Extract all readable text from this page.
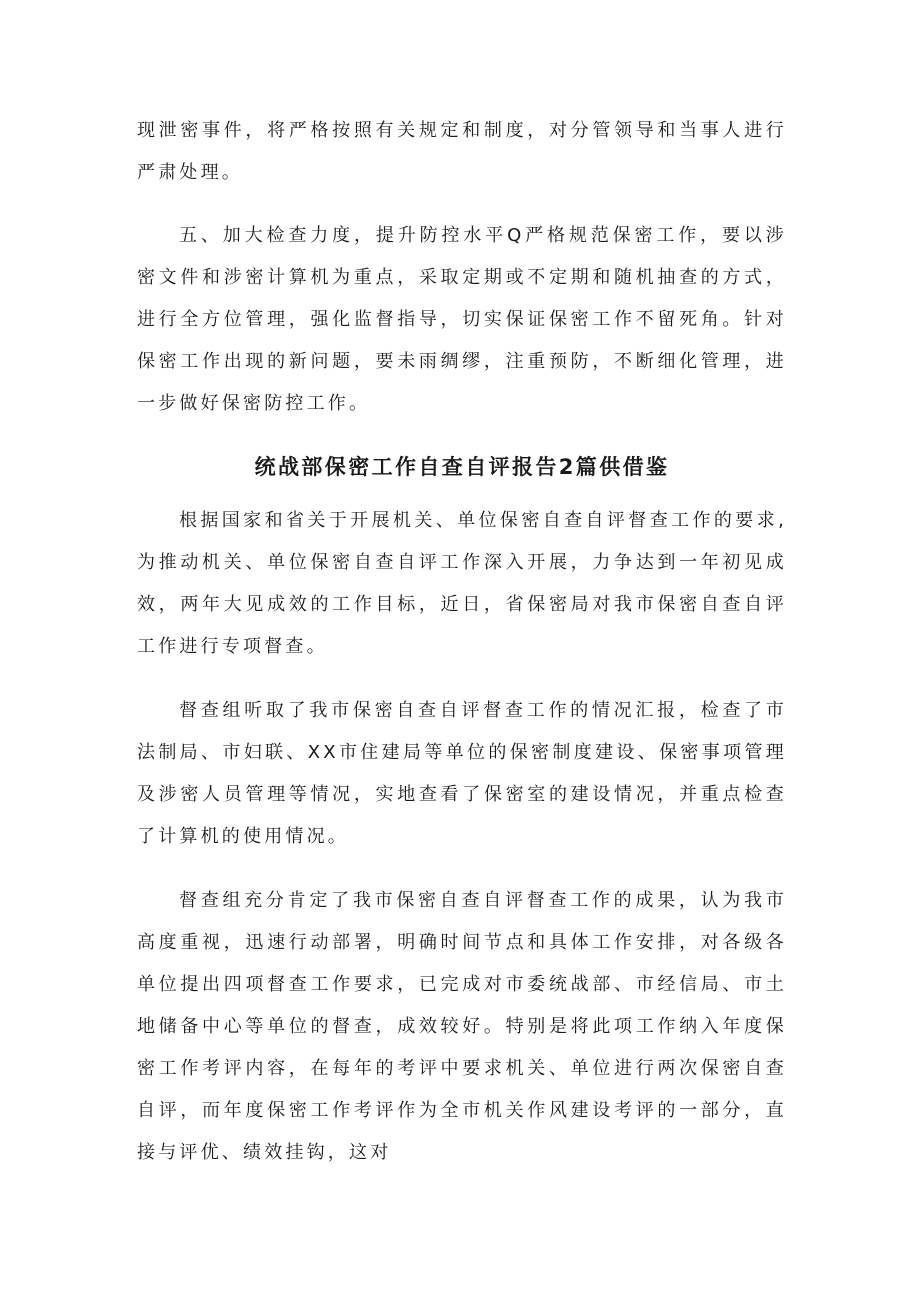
现泄密事件，将严格按照有关规定和制度，对分管领导和当事人进行严肃处理。

五、加大检查力度，提升防控水平Q严格规范保密工作，要以涉密文件和涉密计算机为重点，采取定期或不定期和随机抽查的方式，进行全方位管理，强化监督指导，切实保证保密工作不留死角。针对保密工作出现的新问题，要未雨绸缪，注重预防，不断细化管理，进一步做好保密防控工作。

统战部保密工作自查自评报告2篇供借鉴

根据国家和省关于开展机关、单位保密自查自评督查工作的要求,为推动机关、单位保密自查自评工作深入开展，力争达到一年初见成效，两年大见成效的工作目标，近日，省保密局对我市保密自查自评工作进行专项督查。

督查组听取了我市保密自查自评督查工作的情况汇报，检查了市法制局、市妇联、XX市住建局等单位的保密制度建设、保密事项管理及涉密人员管理等情况，实地查看了保密室的建设情况，并重点检查了计算机的使用情况。

督查组充分肯定了我市保密自查自评督查工作的成果，认为我市高度重视，迅速行动部署，明确时间节点和具体工作安排，对各级各单位提出四项督查工作要求，已完成对市委统战部、市经信局、市土地储备中心等单位的督查，成效较好。特别是将此项工作纳入年度保密工作考评内容，在每年的考评中要求机关、单位进行两次保密自查自评，而年度保密工作考评作为全市机关作风建设考评的一部分，直接与评优、绩效挂钩，这对
